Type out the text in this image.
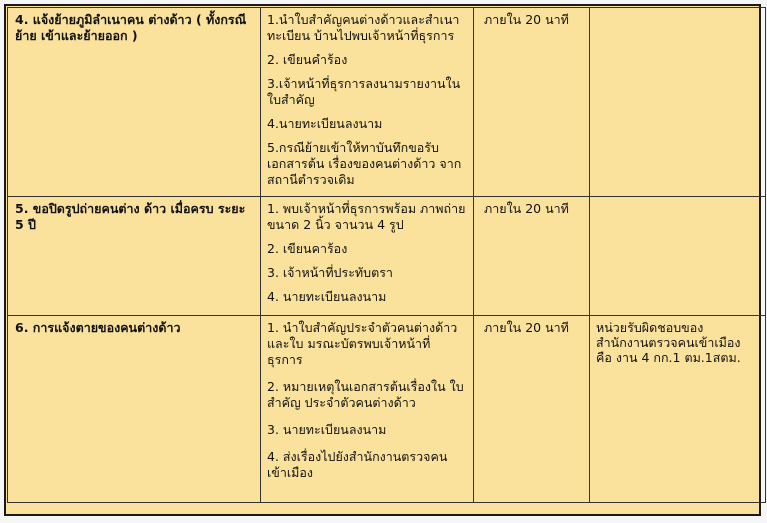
4. แจ้งย้ายภูมิลำเนาคน ต่างด้าว ( ทั้งกรณีย้าย เข้าและย้ายออก )	1.นำใบสำคัญคนต่างด้าวและสำเนา ทะเบียน บ้านไปพบเจ้าหน้าที่ธุรการ
2. เขียนคำร้อง
3.เจ้าหน้าที่ธุรการลงนามรายงานใน ใบสำคัญ
4.นายทะเบียนลงนาม
5.กรณีย้ายเข้าให้ทาบันทึกขอรับ เอกสารต้น เรื่องของคนต่างด้าว จากสถานีตำรวจเดิม	ภายใน 20 นาที	
5. ขอปิดรูปถ่ายคนต่าง ด้าว เมื่อครบ ระยะ 5 ปี	1. พบเจ้าหน้าที่ธุรการพร้อม ภาพถ่ายขนาด 2 นิ้ว จานวน 4 รูป
2. เขียนคาร้อง
3. เจ้าหน้าที่ประทับตรา
4. นายทะเบียนลงนาม	ภายใน 20 นาที	
6. การแจ้งตายของคนต่างด้าว	1. นำใบสำคัญประจำตัวคนต่างด้าว และใบ มรณะบัตรพบเจ้าหน้าที่ ธุรการ
2. หมายเหตุในเอกสารต้นเรื่องใน ใบสำคัญ ประจำตัวคนต่างด้าว
3. นายทะเบียนลงนาม
4. ส่งเรื่องไปยังสำนักงานตรวจคน เข้าเมือง	ภายใน 20 นาที	หน่วยรับผิดชอบของ สำนักงานตรวจคนเข้าเมือง คือ งาน 4 กก.1 ตม.1สตม.
